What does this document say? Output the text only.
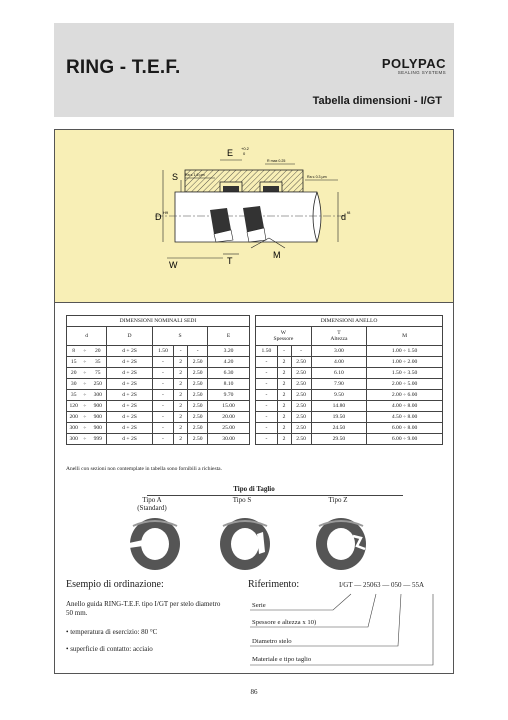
RING - T.E.F.	POLYPAC
SEALING SYSTEMS
Tabella dimensioni - I/GT
S
D H9	d f8
E +0.2
0
R max 0.25
Ra ≤ 1.6 µm	Ra ≤ 0.3 µm
W	T
M
DIMENSIONI NOMINALI SEDI									DIMENSIONI ANELLO				
d			D	S			E		W
Spessore			T
Altezza	M
8	÷	20	d + 2S	1.50	-	-	3.20		1.50	-	-	3.00	1.00 ÷ 1.50
15	÷	35	d + 2S	-	2	2.50	4.20		-	2	2.50	4.00	1.00 ÷ 2.00
20	÷	75	d + 2S	-	2	2.50	6.30		-	2	2.50	6.10	1.50 ÷ 3.50
30	÷	250	d + 2S	-	2	2.50	8.10		-	2	2.50	7.90	2.00 ÷ 5.00
35	÷	300	d + 2S	-	2	2.50	9.70		-	2	2.50	9.50	2.00 ÷ 6.00
120	÷	900	d + 2S	-	2	2.50	15.00		-	2	2.50	14.80	4.00 ÷ 8.00
200	÷	900	d + 2S	-	2	2.50	20.00		-	2	2.50	19.50	4.50 ÷ 8.00
300	÷	900	d + 2S	-	2	2.50	25.00		-	2	2.50	24.50	6.00 ÷ 8.00
300	÷	999	d + 2S	-	2	2.50	30.00		-	2	2.50	29.50	6.00 ÷ 9.00
Anelli con sezioni non contemplate in tabella sono fornibili a richiesta.
Tipo di Taglio
Tipo A
(Standard)
Tipo S	Tipo Z
Esempio di ordinazione:
Anello guida RING-T.E.F. tipo I/GT per stelo diametro 50 mm.
• temperatura di esercizio: 80 °C
• superficie di contatto: acciaio
Riferimento:	I/GT — 25063 — 050 — 55A
Serie
Spessore e altezza x 10)
Diametro stelo
Materiale e tipo taglio
86
